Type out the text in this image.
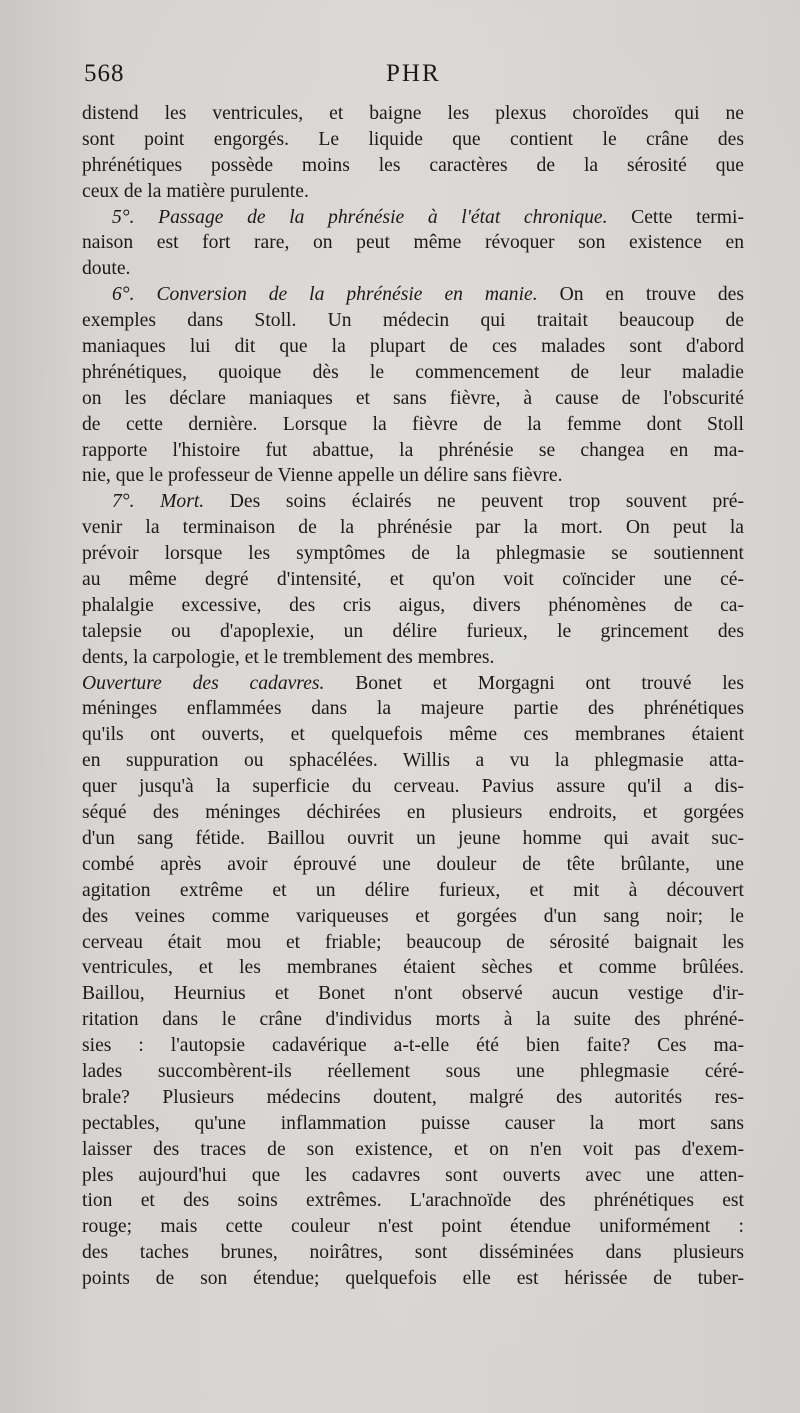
568	PHR
distend les ventricules, et baigne les plexus choroïdes qui ne
sont point engorgés. Le liquide que contient le crâne des
phrénétiques possède moins les caractères de la sérosité que
ceux de la matière purulente.
5°. Passage de la phrénésie à l'état chronique. Cette termi-
naison est fort rare, on peut même révoquer son existence en
doute.
6°. Conversion de la phrénésie en manie. On en trouve des
exemples dans Stoll. Un médecin qui traitait beaucoup de
maniaques lui dit que la plupart de ces malades sont d'abord
phrénétiques, quoique dès le commencement de leur maladie
on les déclare maniaques et sans fièvre, à cause de l'obscurité
de cette dernière. Lorsque la fièvre de la femme dont Stoll
rapporte l'histoire fut abattue, la phrénésie se changea en ma-
nie, que le professeur de Vienne appelle un délire sans fièvre.
7°. Mort. Des soins éclairés ne peuvent trop souvent pré-
venir la terminaison de la phrénésie par la mort. On peut la
prévoir lorsque les symptômes de la phlegmasie se soutiennent
au même degré d'intensité, et qu'on voit coïncider une cé-
phalalgie excessive, des cris aigus, divers phénomènes de ca-
talepsie ou d'apoplexie, un délire furieux, le grincement des
dents, la carpologie, et le tremblement des membres.
Ouverture des cadavres. Bonet et Morgagni ont trouvé les
méninges enflammées dans la majeure partie des phrénétiques
qu'ils ont ouverts, et quelquefois même ces membranes étaient
en suppuration ou sphacélées. Willis a vu la phlegmasie atta-
quer jusqu'à la superficie du cerveau. Pavius assure qu'il a dis-
séqué des méninges déchirées en plusieurs endroits, et gorgées
d'un sang fétide. Baillou ouvrit un jeune homme qui avait suc-
combé après avoir éprouvé une douleur de tête brûlante, une
agitation extrême et un délire furieux, et mit à découvert
des veines comme variqueuses et gorgées d'un sang noir; le
cerveau était mou et friable; beaucoup de sérosité baignait les
ventricules, et les membranes étaient sèches et comme brûlées.
Baillou, Heurnius et Bonet n'ont observé aucun vestige d'ir-
ritation dans le crâne d'individus morts à la suite des phréné-
sies : l'autopsie cadavérique a-t-elle été bien faite? Ces ma-
lades succombèrent-ils réellement sous une phlegmasie céré-
brale? Plusieurs médecins doutent, malgré des autorités res-
pectables, qu'une inflammation puisse causer la mort sans
laisser des traces de son existence, et on n'en voit pas d'exem-
ples aujourd'hui que les cadavres sont ouverts avec une atten-
tion et des soins extrêmes. L'arachnoïde des phrénétiques est
rouge; mais cette couleur n'est point étendue uniformément :
des taches brunes, noirâtres, sont disséminées dans plusieurs
points de son étendue; quelquefois elle est hérissée de tuber-
